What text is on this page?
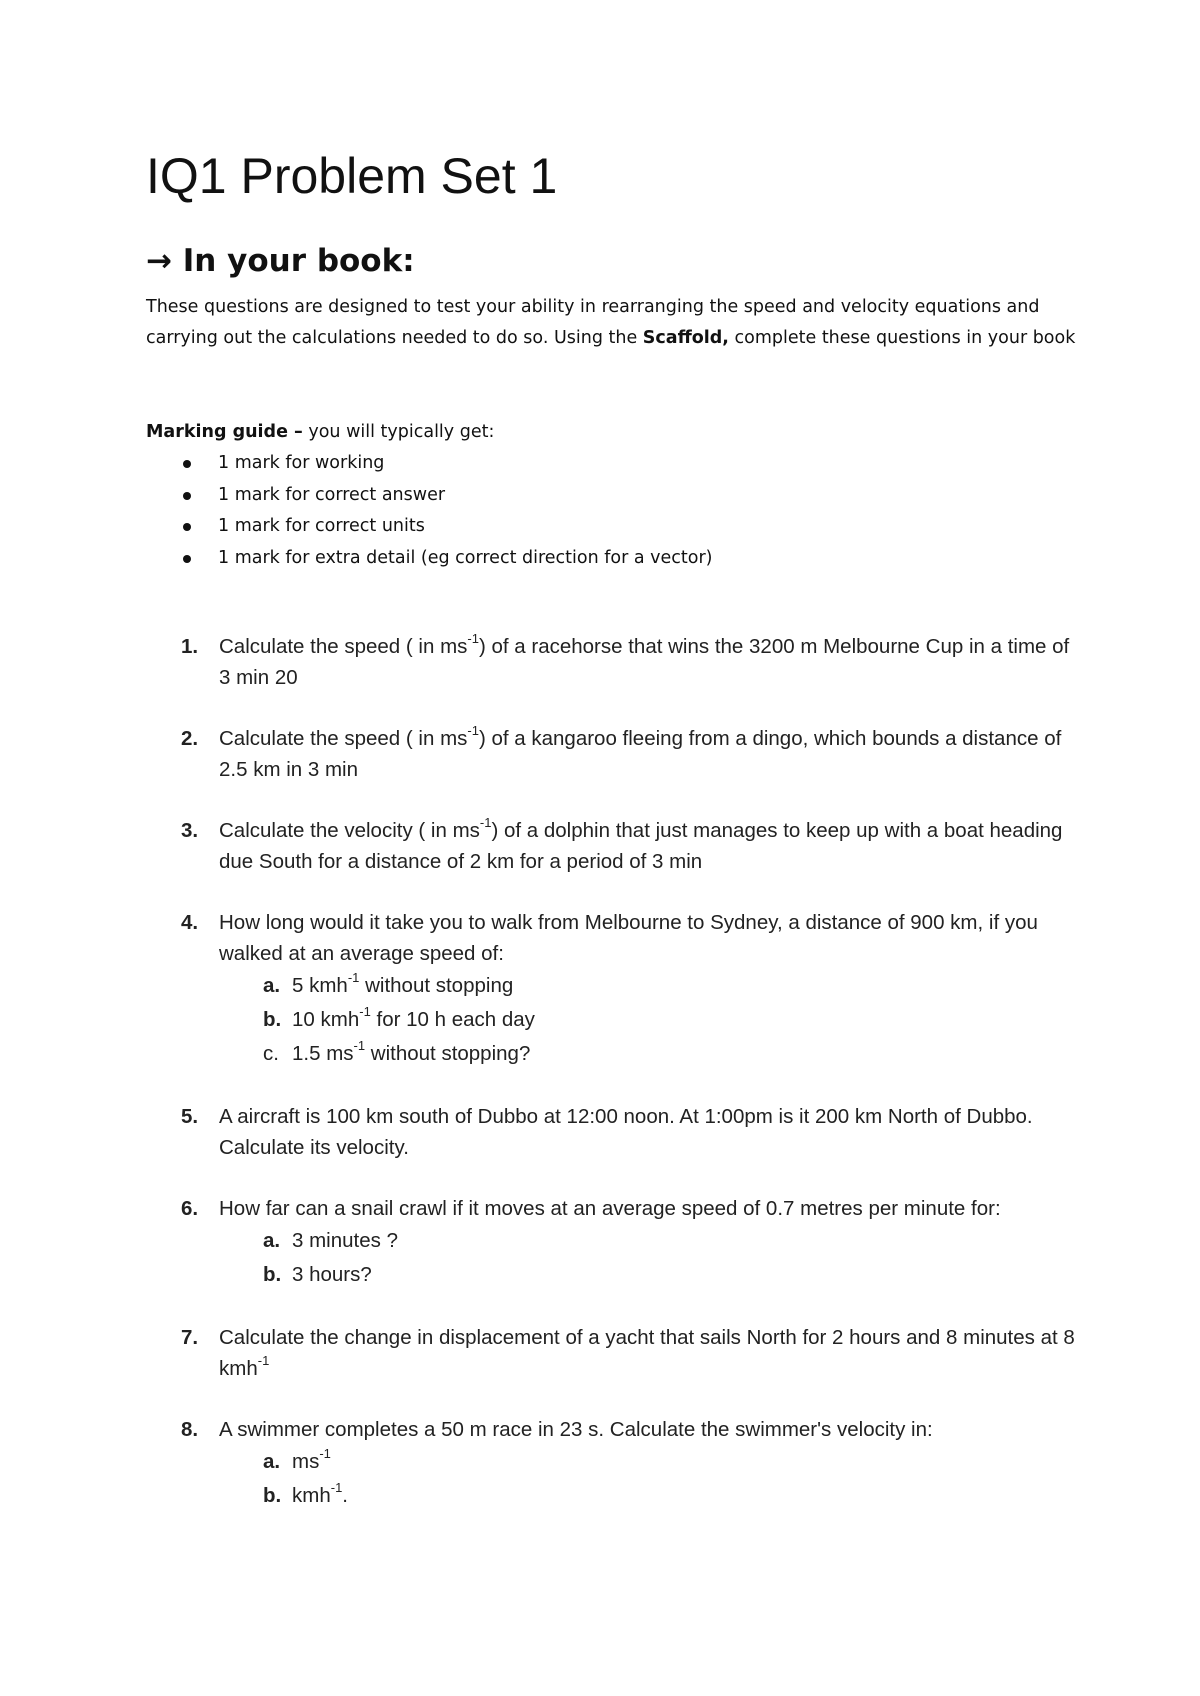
IQ1 Problem Set 1
→ In your book:

These questions are designed to test your ability in rearranging the speed and velocity equations and carrying out the calculations needed to do so. Using the Scaffold, complete these questions in your book

Marking guide – you will typically get:
1 mark for working
1 mark for correct answer
1 mark for correct units
1 mark for extra detail (eg correct direction for a vector)
1. Calculate the speed ( in $ms^{-1}$) of a racehorse that wins the 3200 m Melbourne Cup in a time of 3 min 20
2. Calculate the speed ( in $ms^{-1}$) of a kangaroo fleeing from a dingo, which bounds a distance of 2.5 km in 3 min
3. Calculate the velocity ( in $ms^{-1}$) of a dolphin that just manages to keep up with a boat heading due South for a distance of 2 km for a period of 3 min
4. How long would it take you to walk from Melbourne to Sydney, a distance of 900 km, if you walked at an average speed of:
a. 5 kmh$^{-1}$ without stopping
b. 10 kmh$^{-1}$ for 10 h each day
c. 1.5 $ms^{-1}$ without stopping?
5. A aircraft is 100 km south of Dubbo at 12:00 noon. At 1:00pm is it 200 km North of Dubbo. Calculate its velocity.
6. How far can a snail crawl if it moves at an average speed of 0.7 metres per minute for:
a. 3 minutes ?
b. 3 hours?
7. Calculate the change in displacement of a yacht that sails North for 2 hours and 8 minutes at 8 kmh$^{-1}$
8. A swimmer completes a 50 m race in 23 s. Calculate the swimmer's velocity in:
a. $ms^{-1}$
b. kmh$^{-1}$.
